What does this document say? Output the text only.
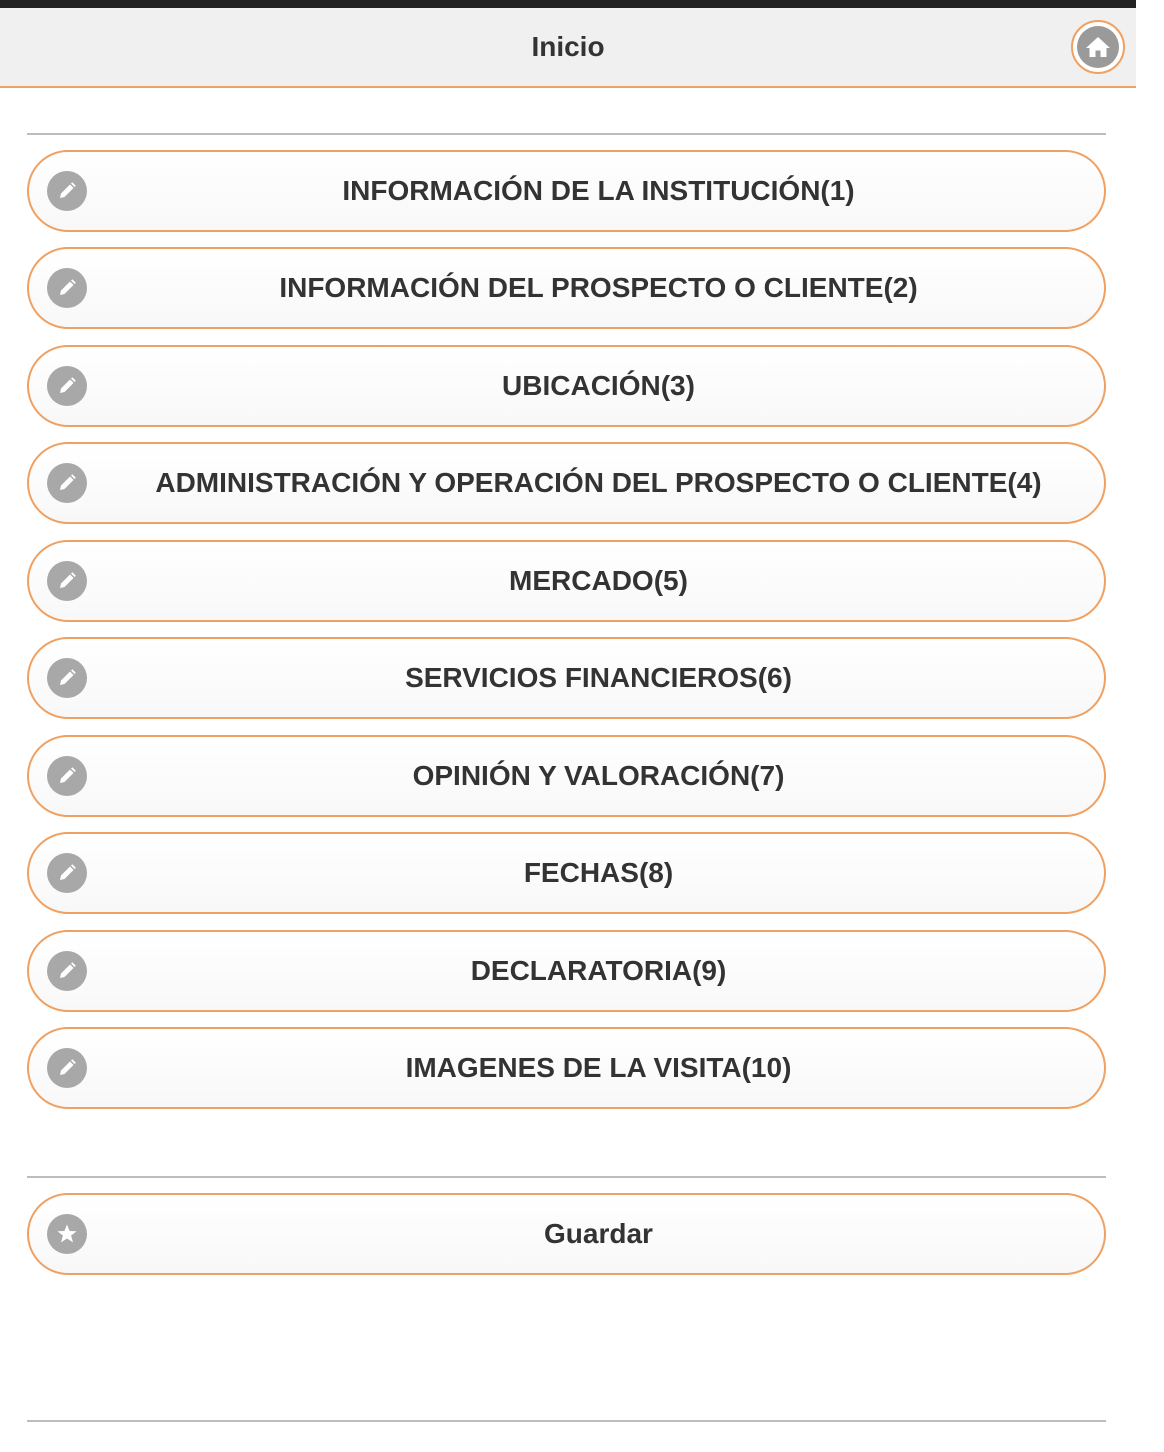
Inicio
INFORMACIÓN DE LA INSTITUCIÓN(1)
INFORMACIÓN DEL PROSPECTO O CLIENTE(2)
UBICACIÓN(3)
ADMINISTRACIÓN Y OPERACIÓN DEL PROSPECTO O CLIENTE(4)
MERCADO(5)
SERVICIOS FINANCIEROS(6)
OPINIÓN Y VALORACIÓN(7)
FECHAS(8)
DECLARATORIA(9)
IMAGENES DE LA VISITA(10)
Guardar
